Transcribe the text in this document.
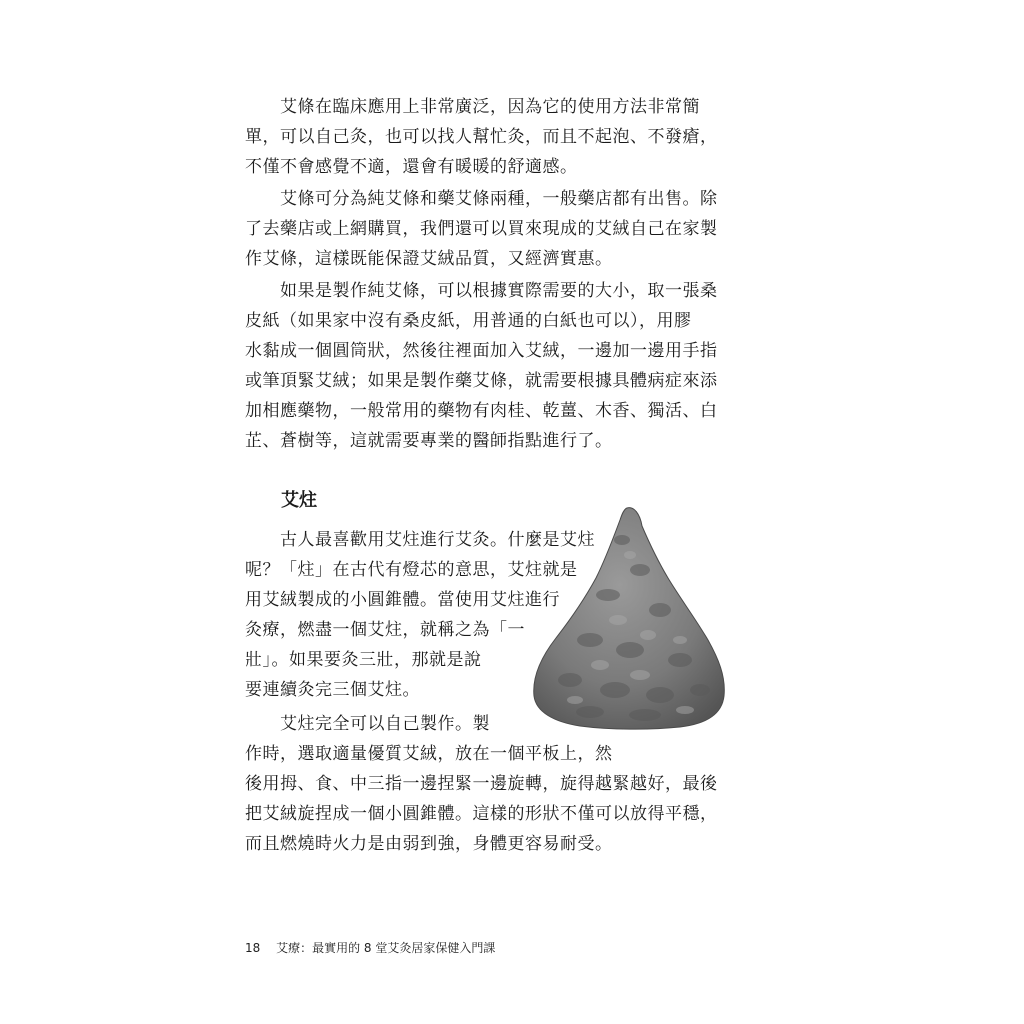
　　艾條在臨床應用上非常廣泛，因為它的使用方法非常簡

單，可以自己灸，也可以找人幫忙灸，而且不起泡、不發瘡，

不僅不會感覺不適，還會有暖暖的舒適感。

　　艾條可分為純艾條和藥艾條兩種，一般藥店都有出售。除

了去藥店或上網購買，我們還可以買來現成的艾絨自己在家製

作艾條，這樣既能保證艾絨品質，又經濟實惠。

　　如果是製作純艾條，可以根據實際需要的大小，取一張桑

皮紙（如果家中沒有桑皮紙，用普通的白紙也可以），用膠

水黏成一個圓筒狀，然後往裡面加入艾絨，一邊加一邊用手指

或筆頂緊艾絨；如果是製作藥艾條，就需要根據具體病症來添

加相應藥物，一般常用的藥物有肉桂、乾薑、木香、獨活、白

芷、蒼樹等，這就需要專業的醫師指點進行了。

艾炷

　　古人最喜歡用艾炷進行艾灸。什麼是艾炷

呢？「炷」在古代有燈芯的意思，艾炷就是

用艾絨製成的小圓錐體。當使用艾炷進行

灸療，燃盡一個艾炷，就稱之為「一

壯」。如果要灸三壯，那就是說

要連續灸完三個艾炷。

　　艾炷完全可以自己製作。製

作時，選取適量優質艾絨，放在一個平板上，然

後用拇、食、中三指一邊捏緊一邊旋轉，旋得越緊越好，最後

把艾絨旋捏成一個小圓錐體。這樣的形狀不僅可以放得平穩，

而且燃燒時火力是由弱到強，身體更容易耐受。

18 艾療：最實用的 8 堂艾灸居家保健入門課
